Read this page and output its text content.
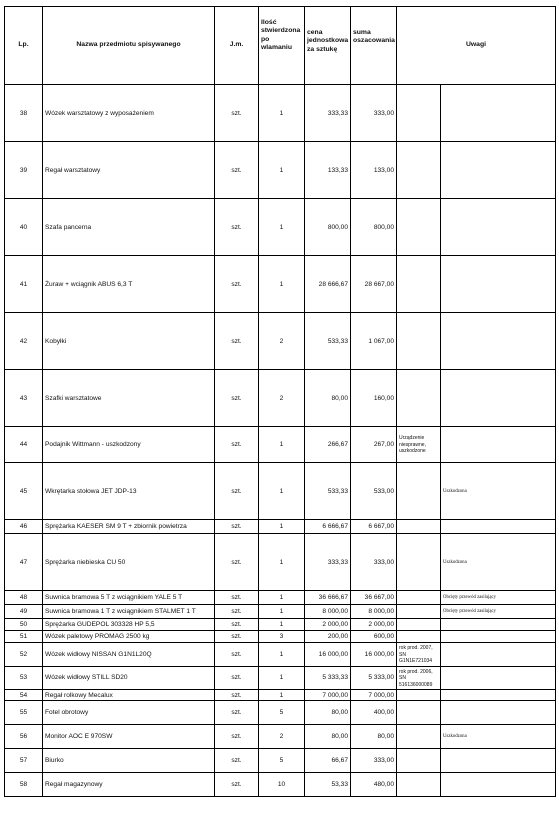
Lp.	Nazwa przedmiotu spisywanego	J.m.	Ilość stwierdzona po wlamaniu	cena jednostkowa za sztukę	suma oszacowania	Uwagi	
38	Wózek warsztatowy z wyposażeniem	szt.	1	333,33	333,00		
39	Regał warsztatowy	szt.	1	133,33	133,00		
40	Szafa pancerna	szt.	1	800,00	800,00		
41	Żuraw + wciągnik ABUS 6,3 T	szt.	1	28 666,67	28 667,00		
42	Kobyłki	szt.	2	533,33	1 067,00		
43	Szafki warsztatowe	szt.	2	80,00	160,00		
44	Podajnik Wittmann - uszkodzony	szt.	1	266,67	267,00	Urządzenie niesprawne, uszkodzone	
45	Wkrętarka stołowa JET JDP-13	szt.	1	533,33	533,00		Uszkodzona
46	Sprężarka KAESER SM 9 T + zbiornik powietrza	szt.	1	6 666,67	6 667,00		
47	Sprężarka niebieska CU 50	szt.	1	333,33	333,00		Uszkodzona
48	Suwnica bramowa 5 T z wciągnikiem YALE 5 T	szt.	1	36 666,67	36 667,00		Obcięty przewód zasilający
49	Suwnica bramowa 1 T z wciągnikiem STALMET 1 T	szt.	1	8 000,00	8 000,00		Obcięty przewód zasilający
50	Sprężarka GUDEPOL 303328 HP 5,5	szt.	1	2 000,00	2 000,00		
51	Wózek paletowy PROMAG 2500 kg	szt.	3	200,00	600,00		
52	Wózek widłowy NISSAN G1N1L20Q	szt.	1	16 000,00	16 000,00	rok prod. 2007, SN G1N1E721034	
53	Wózek widłowy STILL SD20	szt.	1	5 333,33	5 333,00	rok prod. 2006, SN 516136000089	
54	Regał rolkowy Mecalux	szt.	1	7 000,00	7 000,00		
55	Fotel obrotowy	szt.	5	80,00	400,00		
56	Monitor AOC E 970SW	szt.	2	80,00	80,00		Uszkodzona
57	Biurko	szt.	5	66,67	333,00		
58	Regał magazynowy	szt.	10	53,33	480,00		
